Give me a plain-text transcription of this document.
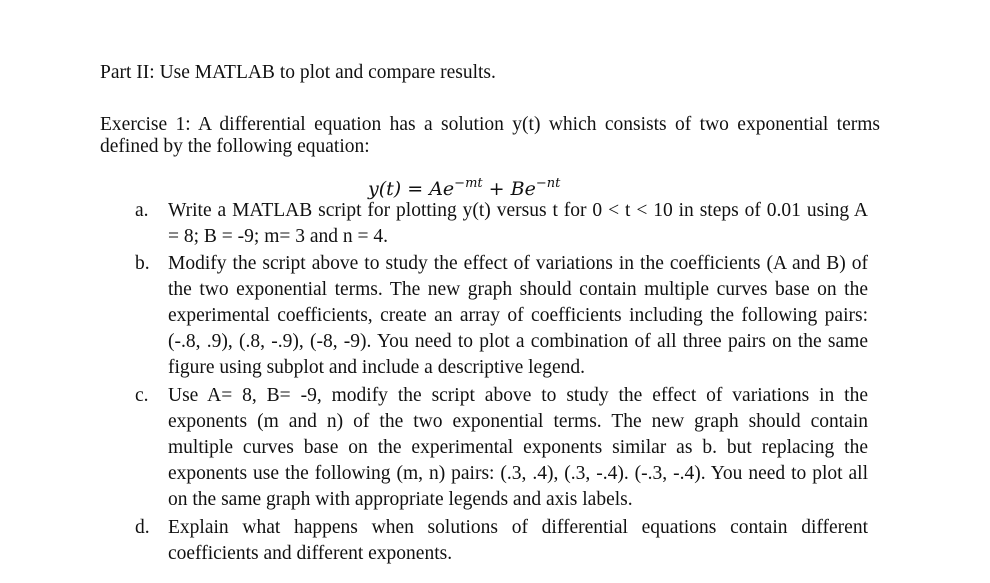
Part II: Use MATLAB to plot and compare results.
Exercise 1: A differential equation has a solution y(t) which consists of two exponential terms
defined by the following equation:
$y(t) = Ae^{-mt} + Be^{-nt}$
a. Write a MATLAB script for plotting y(t) versus t for 0 < t < 10 in steps of 0.01 using A
= 8; B = -9; m= 3 and n = 4.
b. Modify the script above to study the effect of variations in the coefficients (A and B) of
the two exponential terms. The new graph should contain multiple curves base on the
experimental coefficients, create an array of coefficients including the following pairs:
(-.8, .9), (.8, -.9), (-8, -9). You need to plot a combination of all three pairs on the same
figure using subplot and include a descriptive legend.
c. Use A= 8, B= -9, modify the script above to study the effect of variations in the
exponents (m and n) of the two exponential terms. The new graph should contain
multiple curves base on the experimental exponents similar as b. but replacing the
exponents use the following (m, n) pairs: (.3, .4), (.3, -.4). (-.3, -.4). You need to plot all
on the same graph with appropriate legends and axis labels.
d. Explain what happens when solutions of differential equations contain different
coefficients and different exponents.
